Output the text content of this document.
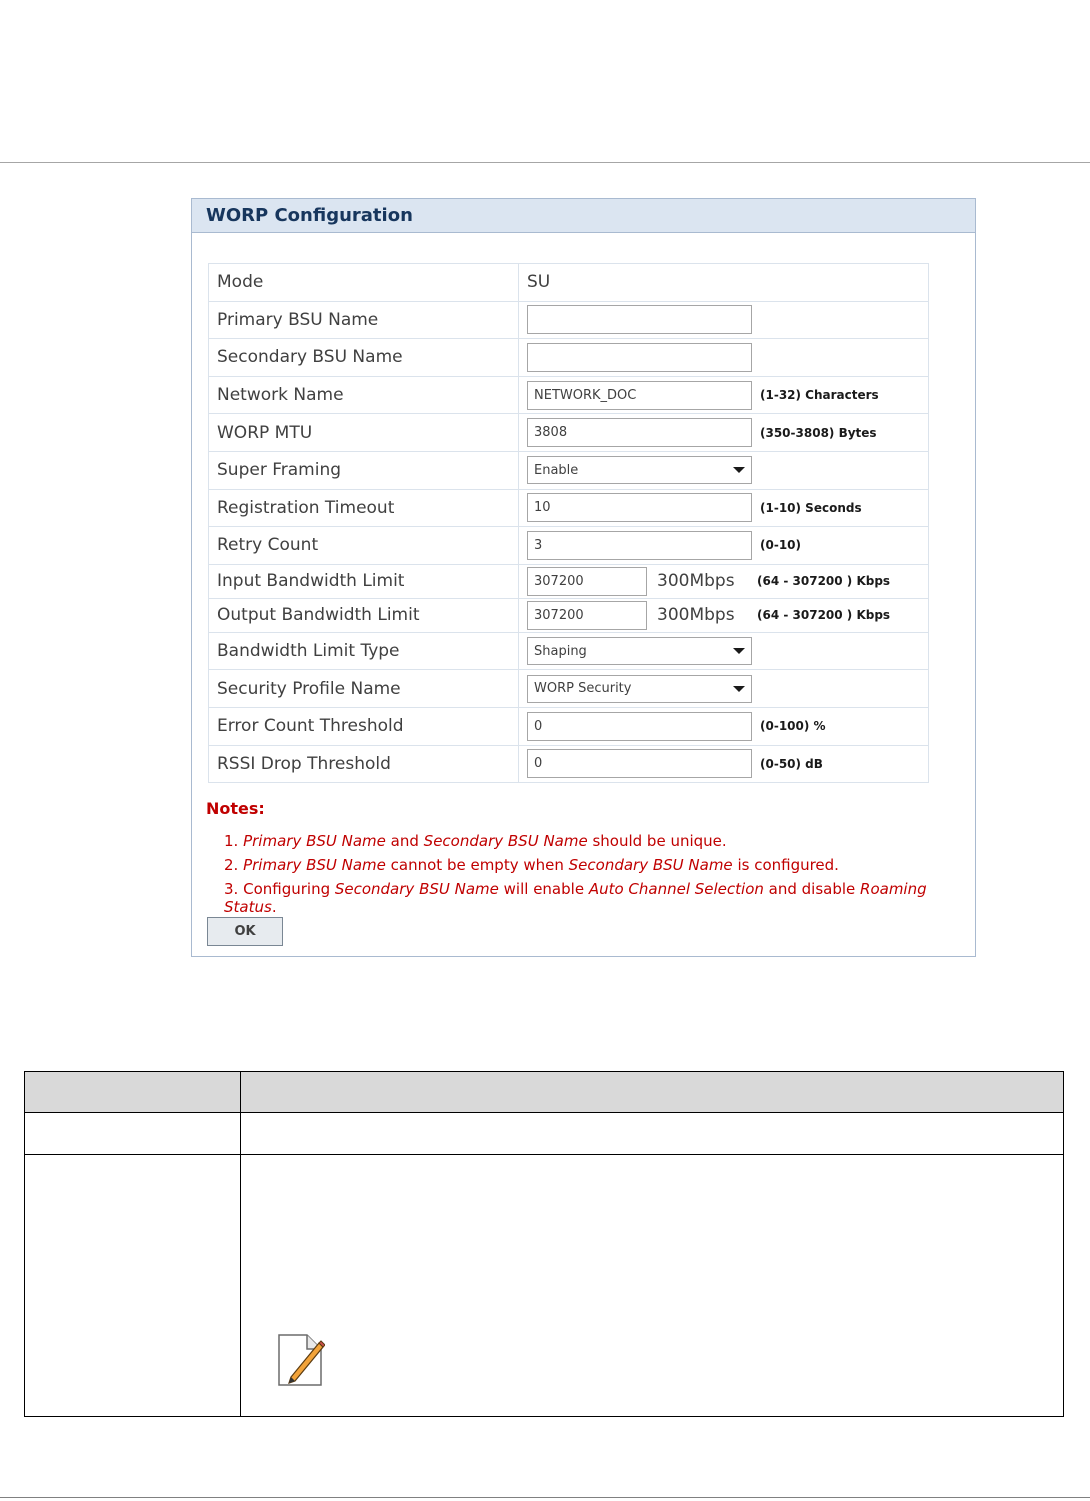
WORP Configuration
Mode	SU
Primary BSU Name	
Secondary BSU Name	
Network Name	NETWORK_DOC (1-32) Characters
WORP MTU	3808 (350-3808) Bytes
Super Framing	Enable

Registration Timeout	10 (1-10) Seconds
Retry Count	3 (0-10)
Input Bandwidth Limit	307200 300Mbps (64 - 307200 ) Kbps
Output Bandwidth Limit	307200 300Mbps (64 - 307200 ) Kbps
Bandwidth Limit Type	Shaping

Security Profile Name	WORP Security

Error Count Threshold	0 (0-100) %
RSSI Drop Threshold	0 (0-50) dB
Notes:
1. Primary BSU Name and Secondary BSU Name should be unique.
2. Primary BSU Name cannot be empty when Secondary BSU Name is configured.
3. Configuring Secondary BSU Name will enable Auto Channel Selection and disable Roaming Status.
OK
